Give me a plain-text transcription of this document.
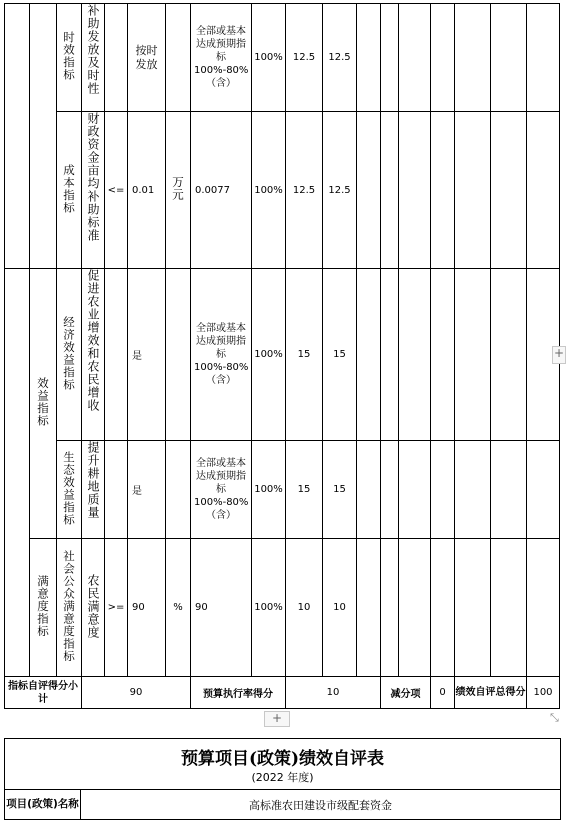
		时效指标	补助发放及时性		按时发放		全部或基本达成预期指标100%-80%（含）	100%	12.5	12.5							
		成本指标	财政资金亩均补助标准	<=	0.01	万元	0.0077	100%	12.5	12.5							
	效益指标	经济效益指标	促进农业增效和农民增收		是		全部或基本达成预期指标100%-80%（含）	100%	15	15							
		生态效益指标	提升耕地质量		是		全部或基本达成预期指标100%-80%（含）	100%	15	15							
	满意度指标	社会公众满意度指标	农民满意度	>=	90	%	90	100%	10	10							
指标自评得分小计			90				预算执行率得分		10			减分项		0	绩效自评总得分		100
+
+	⤡
预算项目(政策)绩效自评表
(2022 年度)

项目(政策)名称	高标准农田建设市级配套资金
